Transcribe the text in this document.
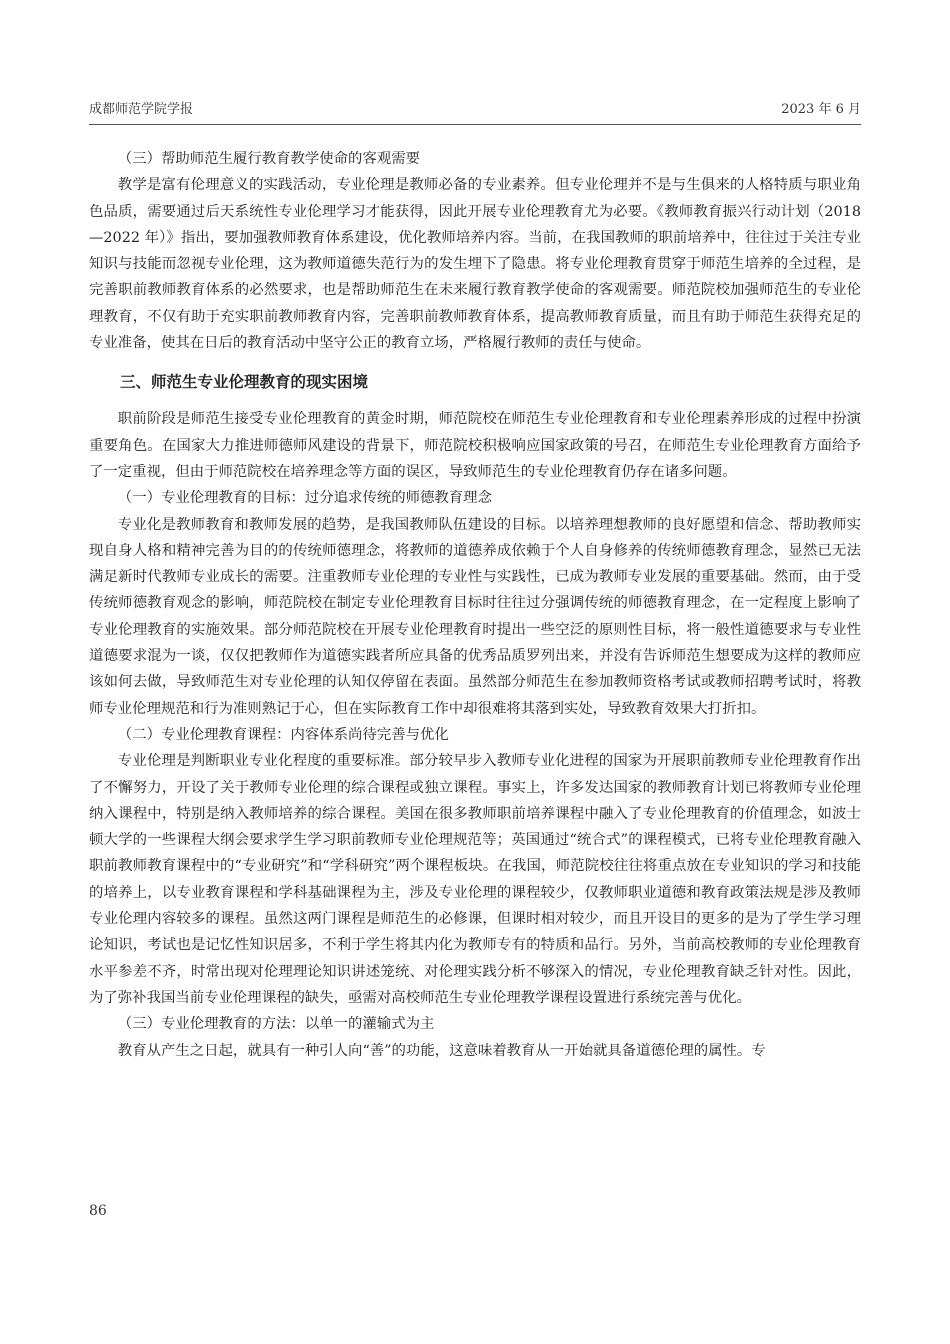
成都师范学院学报	2023 年 6 月
（三）帮助师范生履行教育教学使命的客观需要

教学是富有伦理意义的实践活动，专业伦理是教师必备的专业素养。但专业伦理并不是与生俱来的人格特质与职业角色品质，需要通过后天系统性专业伦理学习才能获得，因此开展专业伦理教育尤为必要。《教师教育振兴行动计划（2018—2022 年）》指出，要加强教师教育体系建设，优化教师培养内容。当前，在我国教师的职前培养中，往往过于关注专业知识与技能而忽视专业伦理，这为教师道德失范行为的发生埋下了隐患。将专业伦理教育贯穿于师范生培养的全过程，是完善职前教师教育体系的必然要求，也是帮助师范生在未来履行教育教学使命的客观需要。师范院校加强师范生的专业伦理教育，不仅有助于充实职前教师教育内容，完善职前教师教育体系，提高教师教育质量，而且有助于师范生获得充足的专业准备，使其在日后的教育活动中坚守公正的教育立场，严格履行教师的责任与使命。

三、师范生专业伦理教育的现实困境

职前阶段是师范生接受专业伦理教育的黄金时期，师范院校在师范生专业伦理教育和专业伦理素养形成的过程中扮演重要角色。在国家大力推进师德师风建设的背景下，师范院校积极响应国家政策的号召，在师范生专业伦理教育方面给予了一定重视，但由于师范院校在培养理念等方面的误区，导致师范生的专业伦理教育仍存在诸多问题。

（一）专业伦理教育的目标：过分追求传统的师德教育理念

专业化是教师教育和教师发展的趋势，是我国教师队伍建设的目标。以培养理想教师的良好愿望和信念、帮助教师实现自身人格和精神完善为目的的传统师德理念，将教师的道德养成依赖于个人自身修养的传统师德教育理念，显然已无法满足新时代教师专业成长的需要。注重教师专业伦理的专业性与实践性，已成为教师专业发展的重要基础。然而，由于受传统师德教育观念的影响，师范院校在制定专业伦理教育目标时往往过分强调传统的师德教育理念，在一定程度上影响了专业伦理教育的实施效果。部分师范院校在开展专业伦理教育时提出一些空泛的原则性目标，将一般性道德要求与专业性道德要求混为一谈，仅仅把教师作为道德实践者所应具备的优秀品质罗列出来，并没有告诉师范生想要成为这样的教师应该如何去做，导致师范生对专业伦理的认知仅停留在表面。虽然部分师范生在参加教师资格考试或教师招聘考试时，将教师专业伦理规范和行为准则熟记于心，但在实际教育工作中却很难将其落到实处，导致教育效果大打折扣。

（二）专业伦理教育课程：内容体系尚待完善与优化

专业伦理是判断职业专业化程度的重要标准。部分较早步入教师专业化进程的国家为开展职前教师专业伦理教育作出了不懈努力，开设了关于教师专业伦理的综合课程或独立课程。事实上，许多发达国家的教师教育计划已将教师专业伦理纳入课程中，特别是纳入教师培养的综合课程。美国在很多教师职前培养课程中融入了专业伦理教育的价值理念，如波士顿大学的一些课程大纲会要求学生学习职前教师专业伦理规范等；英国通过“统合式”的课程模式，已将专业伦理教育融入职前教师教育课程中的“专业研究”和“学科研究”两个课程板块。在我国，师范院校往往将重点放在专业知识的学习和技能的培养上，以专业教育课程和学科基础课程为主，涉及专业伦理的课程较少，仅教师职业道德和教育政策法规是涉及教师专业伦理内容较多的课程。虽然这两门课程是师范生的必修课，但课时相对较少，而且开设目的更多的是为了学生学习理论知识，考试也是记忆性知识居多，不利于学生将其内化为教师专有的特质和品行。另外，当前高校教师的专业伦理教育水平参差不齐，时常出现对伦理理论知识讲述笼统、对伦理实践分析不够深入的情况，专业伦理教育缺乏针对性。因此，为了弥补我国当前专业伦理课程的缺失，亟需对高校师范生专业伦理教学课程设置进行系统完善与优化。

（三）专业伦理教育的方法：以单一的灌输式为主

教育从产生之日起，就具有一种引人向“善”的功能，这意味着教育从一开始就具备道德伦理的属性。专

86
